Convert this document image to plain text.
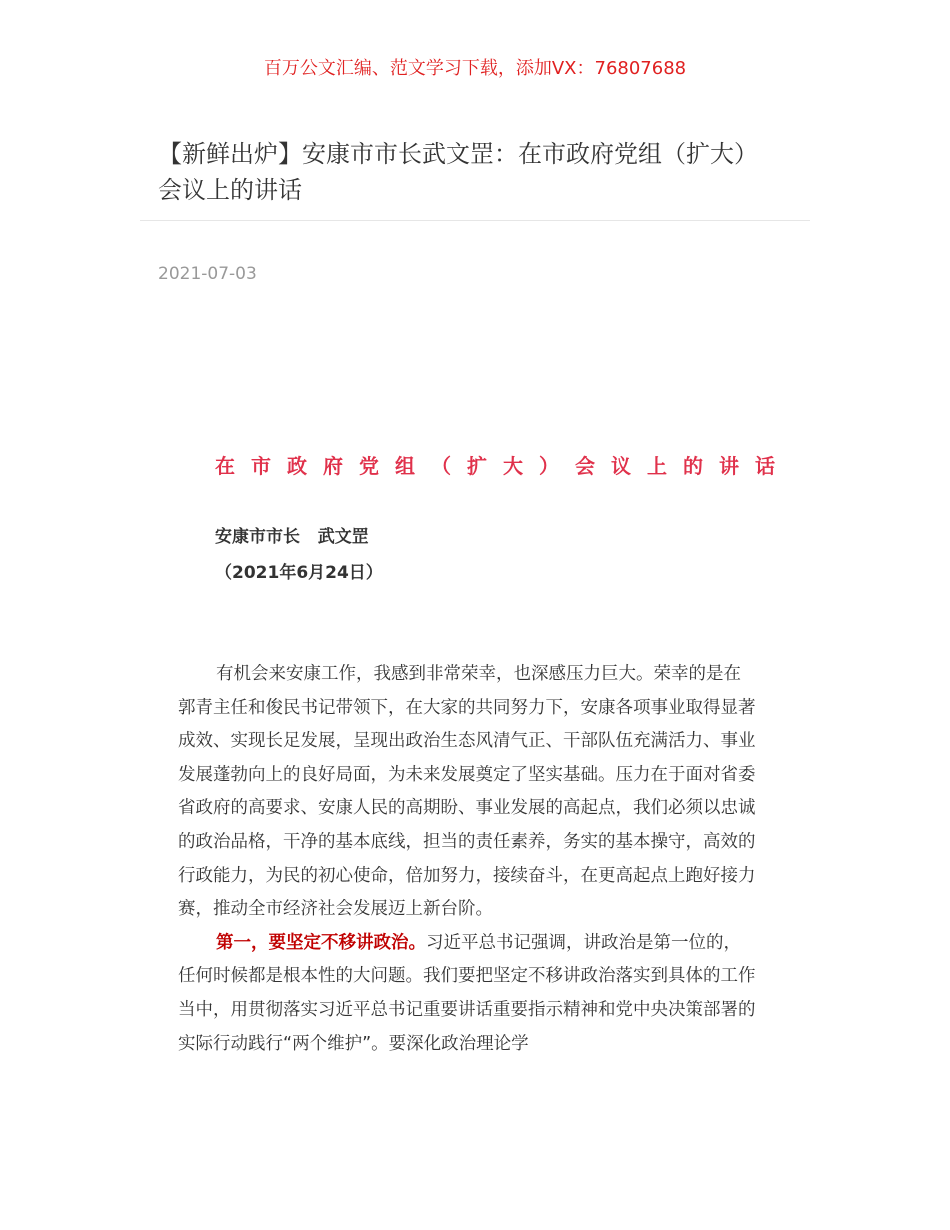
百万公文汇编、范文学习下载，添加VX：76807688
【新鲜出炉】安康市市长武文罡：在市政府党组（扩大）会议上的讲话
2021-07-03
在 市 政 府 党 组 （ 扩 大 ） 会 议 上 的 讲 话
安康市市长   武文罡
（2021年6月24日）

有机会来安康工作，我感到非常荣幸，也深感压力巨大。荣幸的是在郭青主任和俊民书记带领下，在大家的共同努力下，安康各项事业取得显著成效、实现长足发展，呈现出政治生态风清气正、干部队伍充满活力、事业发展蓬勃向上的良好局面，为未来发展奠定了坚实基础。压力在于面对省委省政府的高要求、安康人民的高期盼、事业发展的高起点，我们必须以忠诚的政治品格，干净的基本底线，担当的责任素养，务实的基本操守，高效的行政能力，为民的初心使命，倍加努力，接续奋斗，在更高起点上跑好接力赛，推动全市经济社会发展迈上新台阶。

第一，要坚定不移讲政治。习近平总书记强调，讲政治是第一位的，任何时候都是根本性的大问题。我们要把坚定不移讲政治落实到具体的工作当中，用贯彻落实习近平总书记重要讲话重要指示精神和党中央决策部署的实际行动践行“两个维护”。要深化政治理论学
